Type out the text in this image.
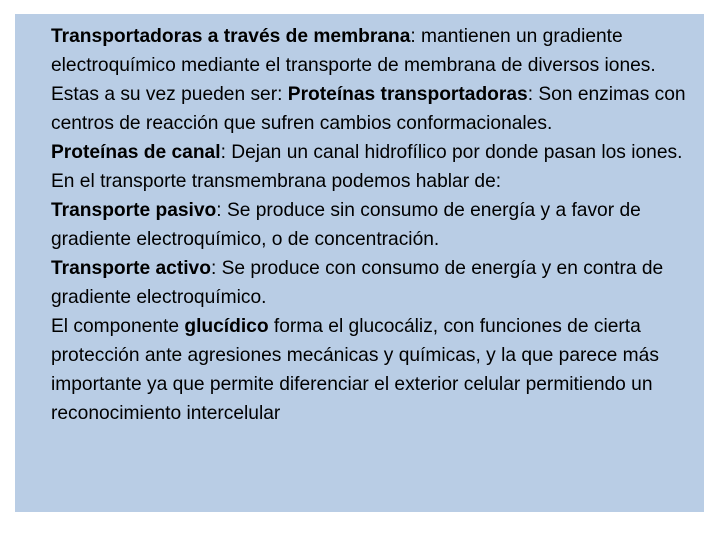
Transportadoras a través de membrana: mantienen un gradiente electroquímico mediante el transporte de membrana de diversos iones.

Estas a su vez pueden ser: Proteínas transportadoras: Son enzimas con centros de reacción que sufren cambios conformacionales.

Proteínas de canal: Dejan un canal hidrofílico por donde pasan los iones.

En el transporte transmembrana podemos hablar de:

Transporte pasivo: Se produce sin consumo de energía y a favor de gradiente electroquímico, o de concentración.

Transporte activo: Se produce con consumo de energía y en contra de gradiente electroquímico.

El componente glucídico forma el glucocáliz, con funciones de cierta protección ante agresiones mecánicas y químicas, y la que parece más importante ya que permite diferenciar el exterior celular permitiendo un reconocimiento intercelular
